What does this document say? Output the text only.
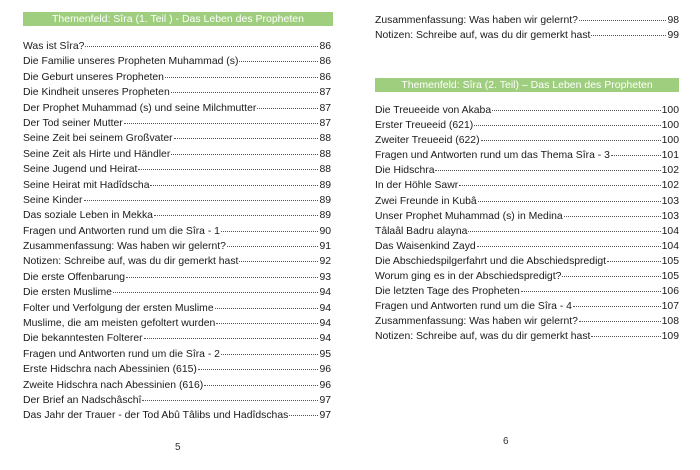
Themenfeld: Sîra (1. Teil ) - Das Leben des Propheten
Was ist Sîra?	86
Die Familie unseres Propheten Muhammad (s)	86
Die Geburt unseres Propheten	86
Die Kindheit unseres Propheten	87
Der Prophet Muhammad (s) und seine Milchmutter	87
Der Tod seiner Mutter	87
Seine Zeit bei seinem Großvater	88
Seine Zeit als Hirte und Händler	88
Seine Jugend und Heirat	88
Seine Heirat mit Hadîdscha	89
Seine Kinder	89
Das soziale Leben in Mekka	89
Fragen und Antworten rund um die Sîra - 1	90
Zusammenfassung: Was haben wir gelernt?	91
Notizen: Schreibe auf, was du dir gemerkt hast	92
Die erste Offenbarung	93
Die ersten Muslime	94
Folter und Verfolgung der ersten Muslime	94
Muslime, die am meisten gefoltert wurden	94
Die bekanntesten Folterer	94
Fragen und Antworten rund um die Sîra - 2	95
Erste Hidschra nach Abessinien (615)	96
Zweite Hidschra nach Abessinien (616)	96
Der Brief an Nadschâschî	97
Das Jahr der Trauer - der Tod Abû Tâlibs und Hadîdschas	97
5
Zusammenfassung: Was haben wir gelernt?	98
Notizen: Schreibe auf, was du dir gemerkt hast	99
Themenfeld: Sîra (2. Teil) – Das Leben des Propheten
Die Treueeide von Akaba	100
Erster Treueeid (621)	100
Zweiter Treueeid (622)	100
Fragen und Antworten rund um das Thema Sîra - 3	101
Die Hidschra	102
In der Höhle Sawr	102
Zwei Freunde in Kubâ	103
Unser Prophet Muhammad (s) in Medina	103
Tâlaâl Badru alayna	104
Das Waisenkind Zayd	104
Die Abschiedspilgerfahrt und die Abschiedspredigt	105
Worum ging es in der Abschiedspredigt?	105
Die letzten Tage des Propheten	106
Fragen und Antworten rund um die Sîra - 4	107
Zusammenfassung: Was haben wir gelernt?	108
Notizen: Schreibe auf, was du dir gemerkt hast	109
6
